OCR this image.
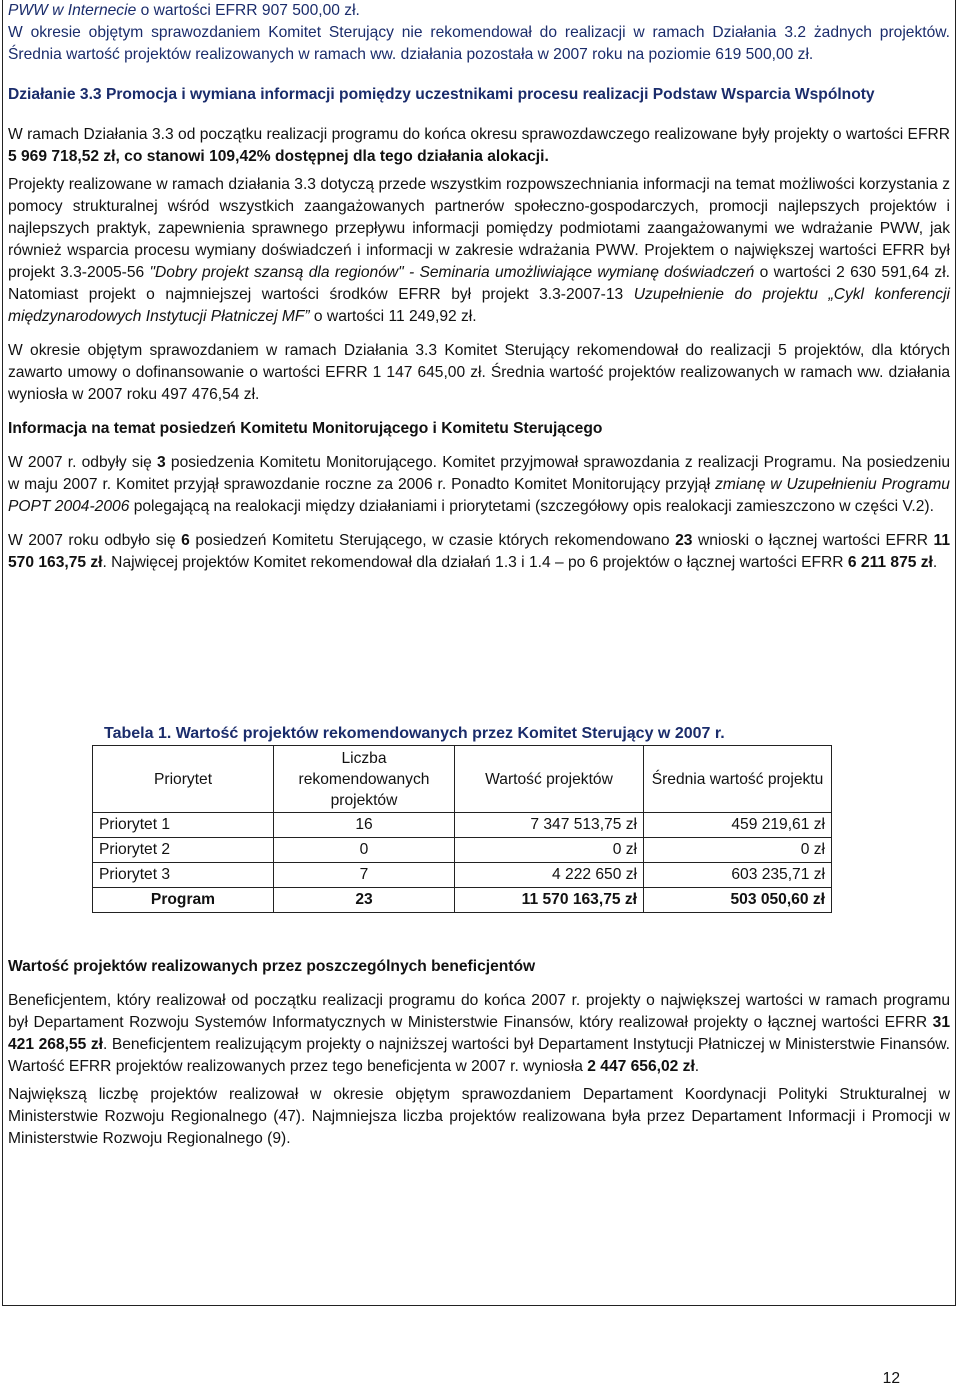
PWW w Internecie o wartości EFRR 907 500,00 zł.

W okresie objętym sprawozdaniem Komitet Sterujący nie rekomendował do realizacji w ramach Działania 3.2 żadnych projektów. Średnia wartość projektów realizowanych w ramach ww. działania pozostała w 2007 roku na poziomie 619 500,00 zł.

Działanie 3.3 Promocja i wymiana informacji pomiędzy uczestnikami procesu realizacji Podstaw Wsparcia Wspólnoty

W ramach Działania 3.3 od początku realizacji programu do końca okresu sprawozdawczego realizowane były projekty o wartości EFRR 5 969 718,52 zł, co stanowi 109,42% dostępnej dla tego działania alokacji.

Projekty realizowane w ramach działania 3.3 dotyczą przede wszystkim rozpowszechniania informacji na temat możliwości korzystania z pomocy strukturalnej wśród wszystkich zaangażowanych partnerów społeczno-gospodarczych, promocji najlepszych projektów i najlepszych praktyk, zapewnienia sprawnego przepływu informacji pomiędzy podmiotami zaangażowanymi we wdrażanie PWW, jak również wsparcia procesu wymiany doświadczeń i informacji w zakresie wdrażania PWW. Projektem o największej wartości EFRR był projekt 3.3-2005-56 "Dobry projekt szansą dla regionów" - Seminaria umożliwiające wymianę doświadczeń o wartości 2 630 591,64 zł. Natomiast projekt o najmniejszej wartości środków EFRR był projekt 3.3-2007-13 Uzupełnienie do projektu „Cykl konferencji międzynarodowych Instytucji Płatniczej MF” o wartości 11 249,92 zł.

W okresie objętym sprawozdaniem w ramach Działania 3.3 Komitet Sterujący rekomendował do realizacji 5 projektów, dla których zawarto umowy o dofinansowanie o wartości EFRR 1 147 645,00 zł. Średnia wartość projektów realizowanych w ramach ww. działania wyniosła w 2007 roku 497 476,54 zł.

Informacja na temat posiedzeń Komitetu Monitorującego i Komitetu Sterującego

W 2007 r. odbyły się 3 posiedzenia Komitetu Monitorującego. Komitet przyjmował sprawozdania z realizacji Programu. Na posiedzeniu w maju 2007 r. Komitet przyjął sprawozdanie roczne za 2006 r. Ponadto Komitet Monitorujący przyjął zmianę w Uzupełnieniu Programu POPT 2004-2006 polegającą na realokacji między działaniami i priorytetami (szczegółowy opis realokacji zamieszczono w części V.2).

W 2007 roku odbyło się 6 posiedzeń Komitetu Sterującego, w czasie których rekomendowano 23 wnioski o łącznej wartości EFRR 11 570 163,75 zł. Najwięcej projektów Komitet rekomendował dla działań 1.3 i 1.4 – po 6 projektów o łącznej wartości EFRR 6 211 875 zł.

Tabela 1. Wartość projektów rekomendowanych przez Komitet Sterujący w 2007 r.
Priorytet	Liczba rekomendowanych projektów	Wartość projektów	Średnia wartość projektu
Priorytet 1	16	7 347 513,75 zł	459 219,61 zł
Priorytet 2	0	0 zł	0 zł
Priorytet 3	7	4 222 650 zł	603 235,71 zł
Program	23	11 570 163,75 zł	503 050,60 zł

Wartość projektów realizowanych przez poszczególnych beneficjentów

Beneficjentem, który realizował od początku realizacji programu do końca 2007 r. projekty o największej wartości w ramach programu był Departament Rozwoju Systemów Informatycznych w Ministerstwie Finansów, który realizował projekty o łącznej wartości EFRR 31 421 268,55 zł. Beneficjentem realizującym projekty o najniższej wartości był Departament Instytucji Płatniczej w Ministerstwie Finansów. Wartość EFRR projektów realizowanych przez tego beneficjenta w 2007 r. wyniosła 2 447 656,02 zł.

Największą liczbę projektów realizował w okresie objętym sprawozdaniem Departament Koordynacji Polityki Strukturalnej w Ministerstwie Rozwoju Regionalnego (47). Najmniejsza liczba projektów realizowana była przez Departament Informacji i Promocji w Ministerstwie Rozwoju Regionalnego (9).

12
